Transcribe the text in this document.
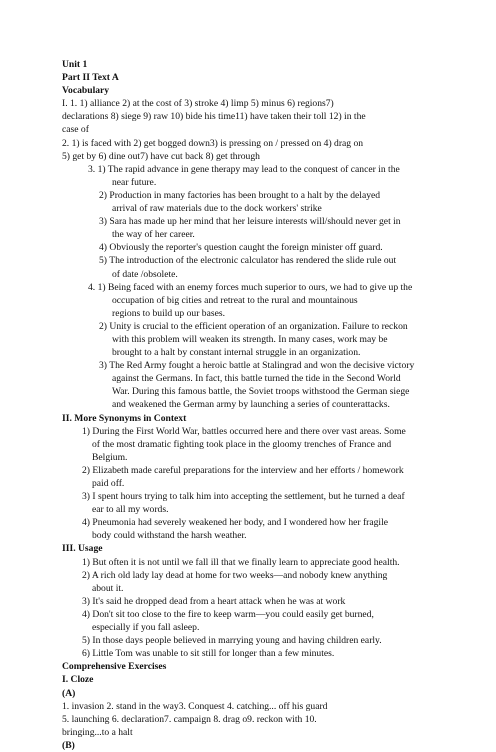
Unit 1
Part II Text A
Vocabulary
I. 1. 1) alliance 2) at the cost of 3) stroke 4) limp 5) minus 6) regions7)
declarations 8) siege 9) raw 10) bide his time11) have taken their toll 12) in the
case of
2. 1) is faced with 2) get bogged down3) is pressing on / pressed on 4) drag on
5) get by 6) dine out7) have cut back 8) get through
3. 1) The rapid advance in gene therapy may lead to the conquest of cancer in the
near future.
2) Production in many factories has been brought to a halt by the delayed
arrival of raw materials due to the dock workers' strike
3) Sara has made up her mind that her leisure interests will/should never get in
the way of her career.
4) Obviously the reporter's question caught the foreign minister off guard.
5) The introduction of the electronic calculator has rendered the slide rule out
of date /obsolete.
4. 1) Being faced with an enemy forces much superior to ours, we had to give up the
occupation of big cities and retreat to the rural and mountainous
regions to build up our bases.
2) Unity is crucial to the efficient operation of an organization. Failure to reckon
with this problem will weaken its strength. In many cases, work may be
brought to a halt by constant internal struggle in an organization.
3) The Red Army fought a heroic battle at Stalingrad and won the decisive victory
against the Germans. In fact, this battle turned the tide in the Second World
War. During this famous battle, the Soviet troops withstood the German siege
and weakened the German army by launching a series of counterattacks.
II. More Synonyms in Context
1) During the First World War, battles occurred here and there over vast areas. Some
of the most dramatic fighting took place in the gloomy trenches of France and
Belgium.
2) Elizabeth made careful preparations for the interview and her efforts / homework
paid off.
3) I spent hours trying to talk him into accepting the settlement, but he turned a deaf
ear to all my words.
4) Pneumonia had severely weakened her body, and I wondered how her fragile
body could withstand the harsh weather.
III. Usage
1) But often it is not until we fall ill that we finally learn to appreciate good health.
2) A rich old lady lay dead at home for two weeks—and nobody knew anything
about it.
3) It's said he dropped dead from a heart attack when he was at work
4) Don't sit too close to the fire to keep warm—you could easily get burned,
especially if you fall asleep.
5) In those days people believed in marrying young and having children early.
6) Little Tom was unable to sit still for longer than a few minutes.
Comprehensive Exercises
I. Cloze
(A)
1. invasion 2. stand in the way3. Conquest 4. catching... off his guard
5. launching 6. declaration7. campaign 8. drag o9. reckon with 10.
bringing...to a halt
(B)
